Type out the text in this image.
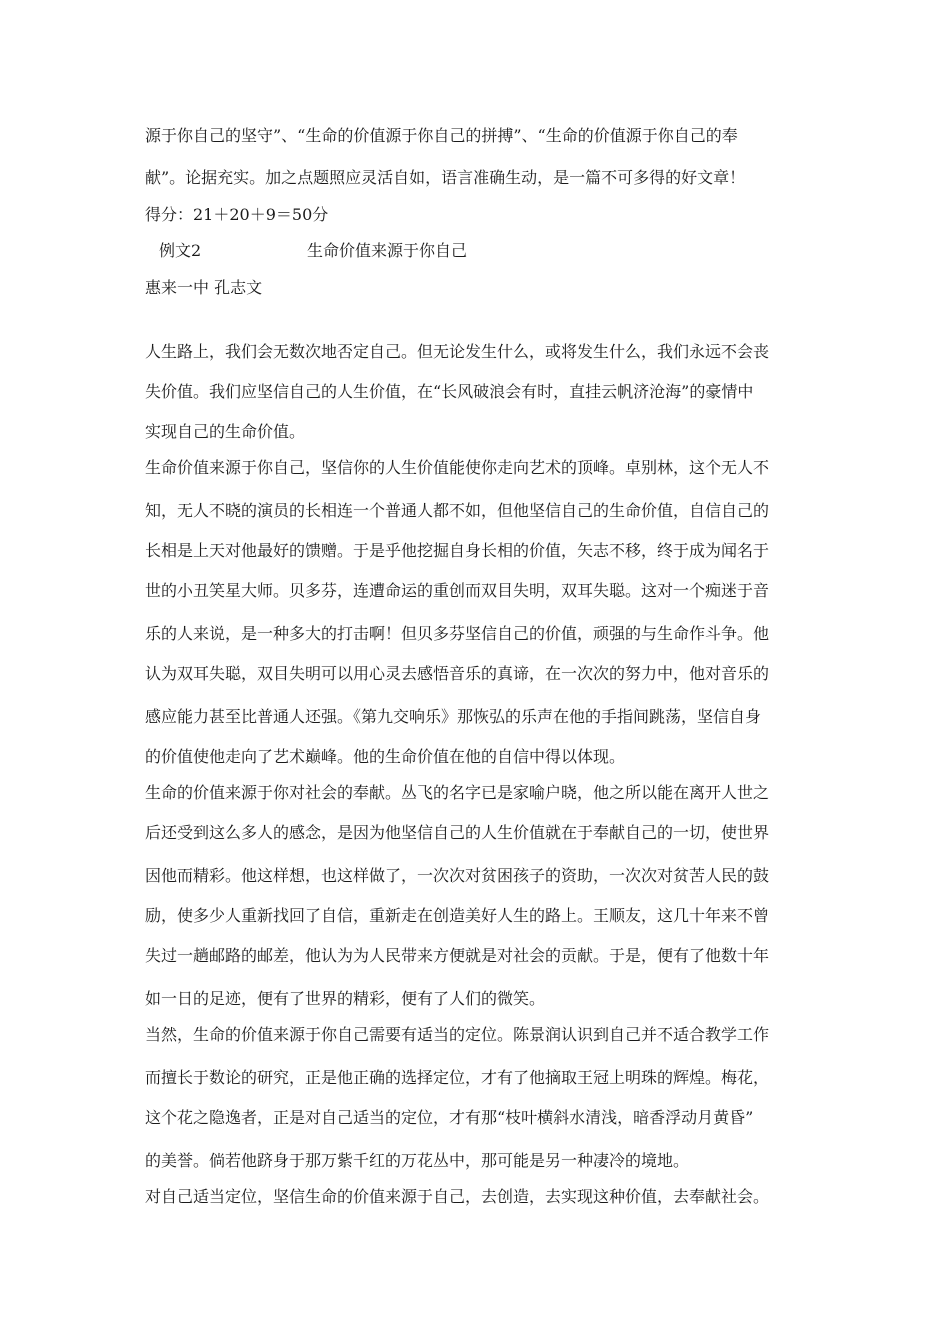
源于你自己的坚守”、“生命的价值源于你自己的拼搏”、“生命的价值源于你自己的奉
献”。论据充实。加之点题照应灵活自如，语言准确生动，是一篇不可多得的好文章！
得分：21＋20＋9＝50分
例文2	生命价值来源于你自己
惠来一中 孔志文
人生路上，我们会无数次地否定自己。但无论发生什么，或将发生什么，我们永远不会丧
失价值。我们应坚信自己的人生价值，在“长风破浪会有时，直挂云帆济沧海”的豪情中
实现自己的生命价值。
生命价值来源于你自己，坚信你的人生价值能使你走向艺术的顶峰。卓别林，这个无人不
知，无人不晓的演员的长相连一个普通人都不如，但他坚信自己的生命价值，自信自己的
长相是上天对他最好的馈赠。于是乎他挖掘自身长相的价值，矢志不移，终于成为闻名于
世的小丑笑星大师。贝多芬，连遭命运的重创而双目失明，双耳失聪。这对一个痴迷于音
乐的人来说，是一种多大的打击啊！但贝多芬坚信自己的价值，顽强的与生命作斗争。他
认为双耳失聪，双目失明可以用心灵去感悟音乐的真谛，在一次次的努力中，他对音乐的
感应能力甚至比普通人还强。《第九交响乐》那恢弘的乐声在他的手指间跳荡，坚信自身
的价值使他走向了艺术巅峰。他的生命价值在他的自信中得以体现。
生命的价值来源于你对社会的奉献。丛飞的名字已是家喻户晓，他之所以能在离开人世之
后还受到这么多人的感念，是因为他坚信自己的人生价值就在于奉献自己的一切，使世界
因他而精彩。他这样想，也这样做了，一次次对贫困孩子的资助，一次次对贫苦人民的鼓
励，使多少人重新找回了自信，重新走在创造美好人生的路上。王顺友，这几十年来不曾
失过一趟邮路的邮差，他认为为人民带来方便就是对社会的贡献。于是，便有了他数十年
如一日的足迹，便有了世界的精彩，便有了人们的微笑。
当然，生命的价值来源于你自己需要有适当的定位。陈景润认识到自己并不适合教学工作
而擅长于数论的研究，正是他正确的选择定位，才有了他摘取王冠上明珠的辉煌。梅花，
这个花之隐逸者，正是对自己适当的定位，才有那“枝叶横斜水清浅，暗香浮动月黄昏”
的美誉。倘若他跻身于那万紫千红的万花丛中，那可能是另一种凄冷的境地。
对自己适当定位，坚信生命的价值来源于自己，去创造，去实现这种价值，去奉献社会。
